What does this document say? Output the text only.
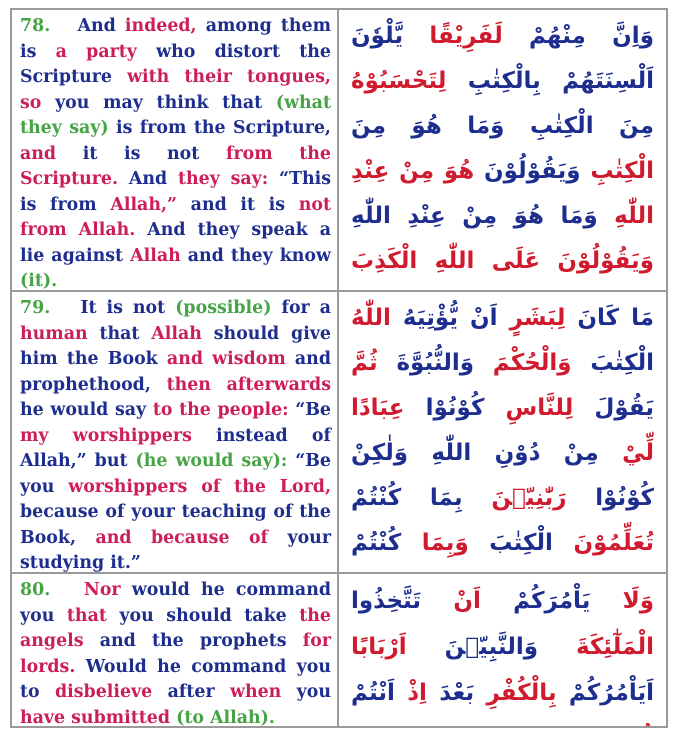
78. And indeed, among them is a party who distort the Scripture with their tongues, so you may think that (what they say) is from the Scripture, and it is not from the Scripture. And they say: “This is from Allah,” and it is not from Allah. And they speak a lie against Allah and they know (it).
وَاِنَّ مِنْهُمْ لَفَرِيْقًا يَّلْوٗنَ اَلْسِنَتَهُمْ بِالْكِتٰبِ لِتَحْسَبُوْهُ مِنَ الْكِتٰبِ وَمَا هُوَ مِنَ الْكِتٰبِ وَيَقُوْلُوْنَ هُوَ مِنْ عِنْدِ اللّٰهِ وَمَا هُوَ مِنْ عِنْدِ اللّٰهِ وَيَقُوْلُوْنَ عَلَى اللّٰهِ الْكَذِبَ
79. It is not (possible) for a human that Allah should give him the Book and wisdom and prophethood, then afterwards he would say to the people: “Be my worshippers instead of Allah,” but (he would say): “Be you worshippers of the Lord, because of your teaching of the Book, and because of your studying it.”
مَا كَانَ لِبَشَرٍ اَنْ يُّؤْتِيَهُ اللّٰهُ الْكِتٰبَ وَالْحُكْمَ وَالنُّبُوَّةَ ثُمَّ يَقُوْلَ لِلنَّاسِ كُوْنُوْا عِبَادًا لِّيْ مِنْ دُوْنِ اللّٰهِ وَلٰكِنْ كُوْنُوْا رَبّٰنِيّٖنَ بِمَا كُنْتُمْ تُعَلِّمُوْنَ الْكِتٰبَ وَبِمَا كُنْتُمْ
80. Nor would he command you that you should take the angels and the prophets for lords. Would he command you to disbelieve after when you have submitted (to Allah).
وَلَا يَاْمُرَكُمْ اَنْ تَتَّخِذُوا الْمَلٰٓئِكَةَ وَالنَّبِيّٖنَ اَرْبَابًا اَيَاْمُرُكُمْ بِالْكُفْرِ بَعْدَ اِذْ اَنْتُمْ
